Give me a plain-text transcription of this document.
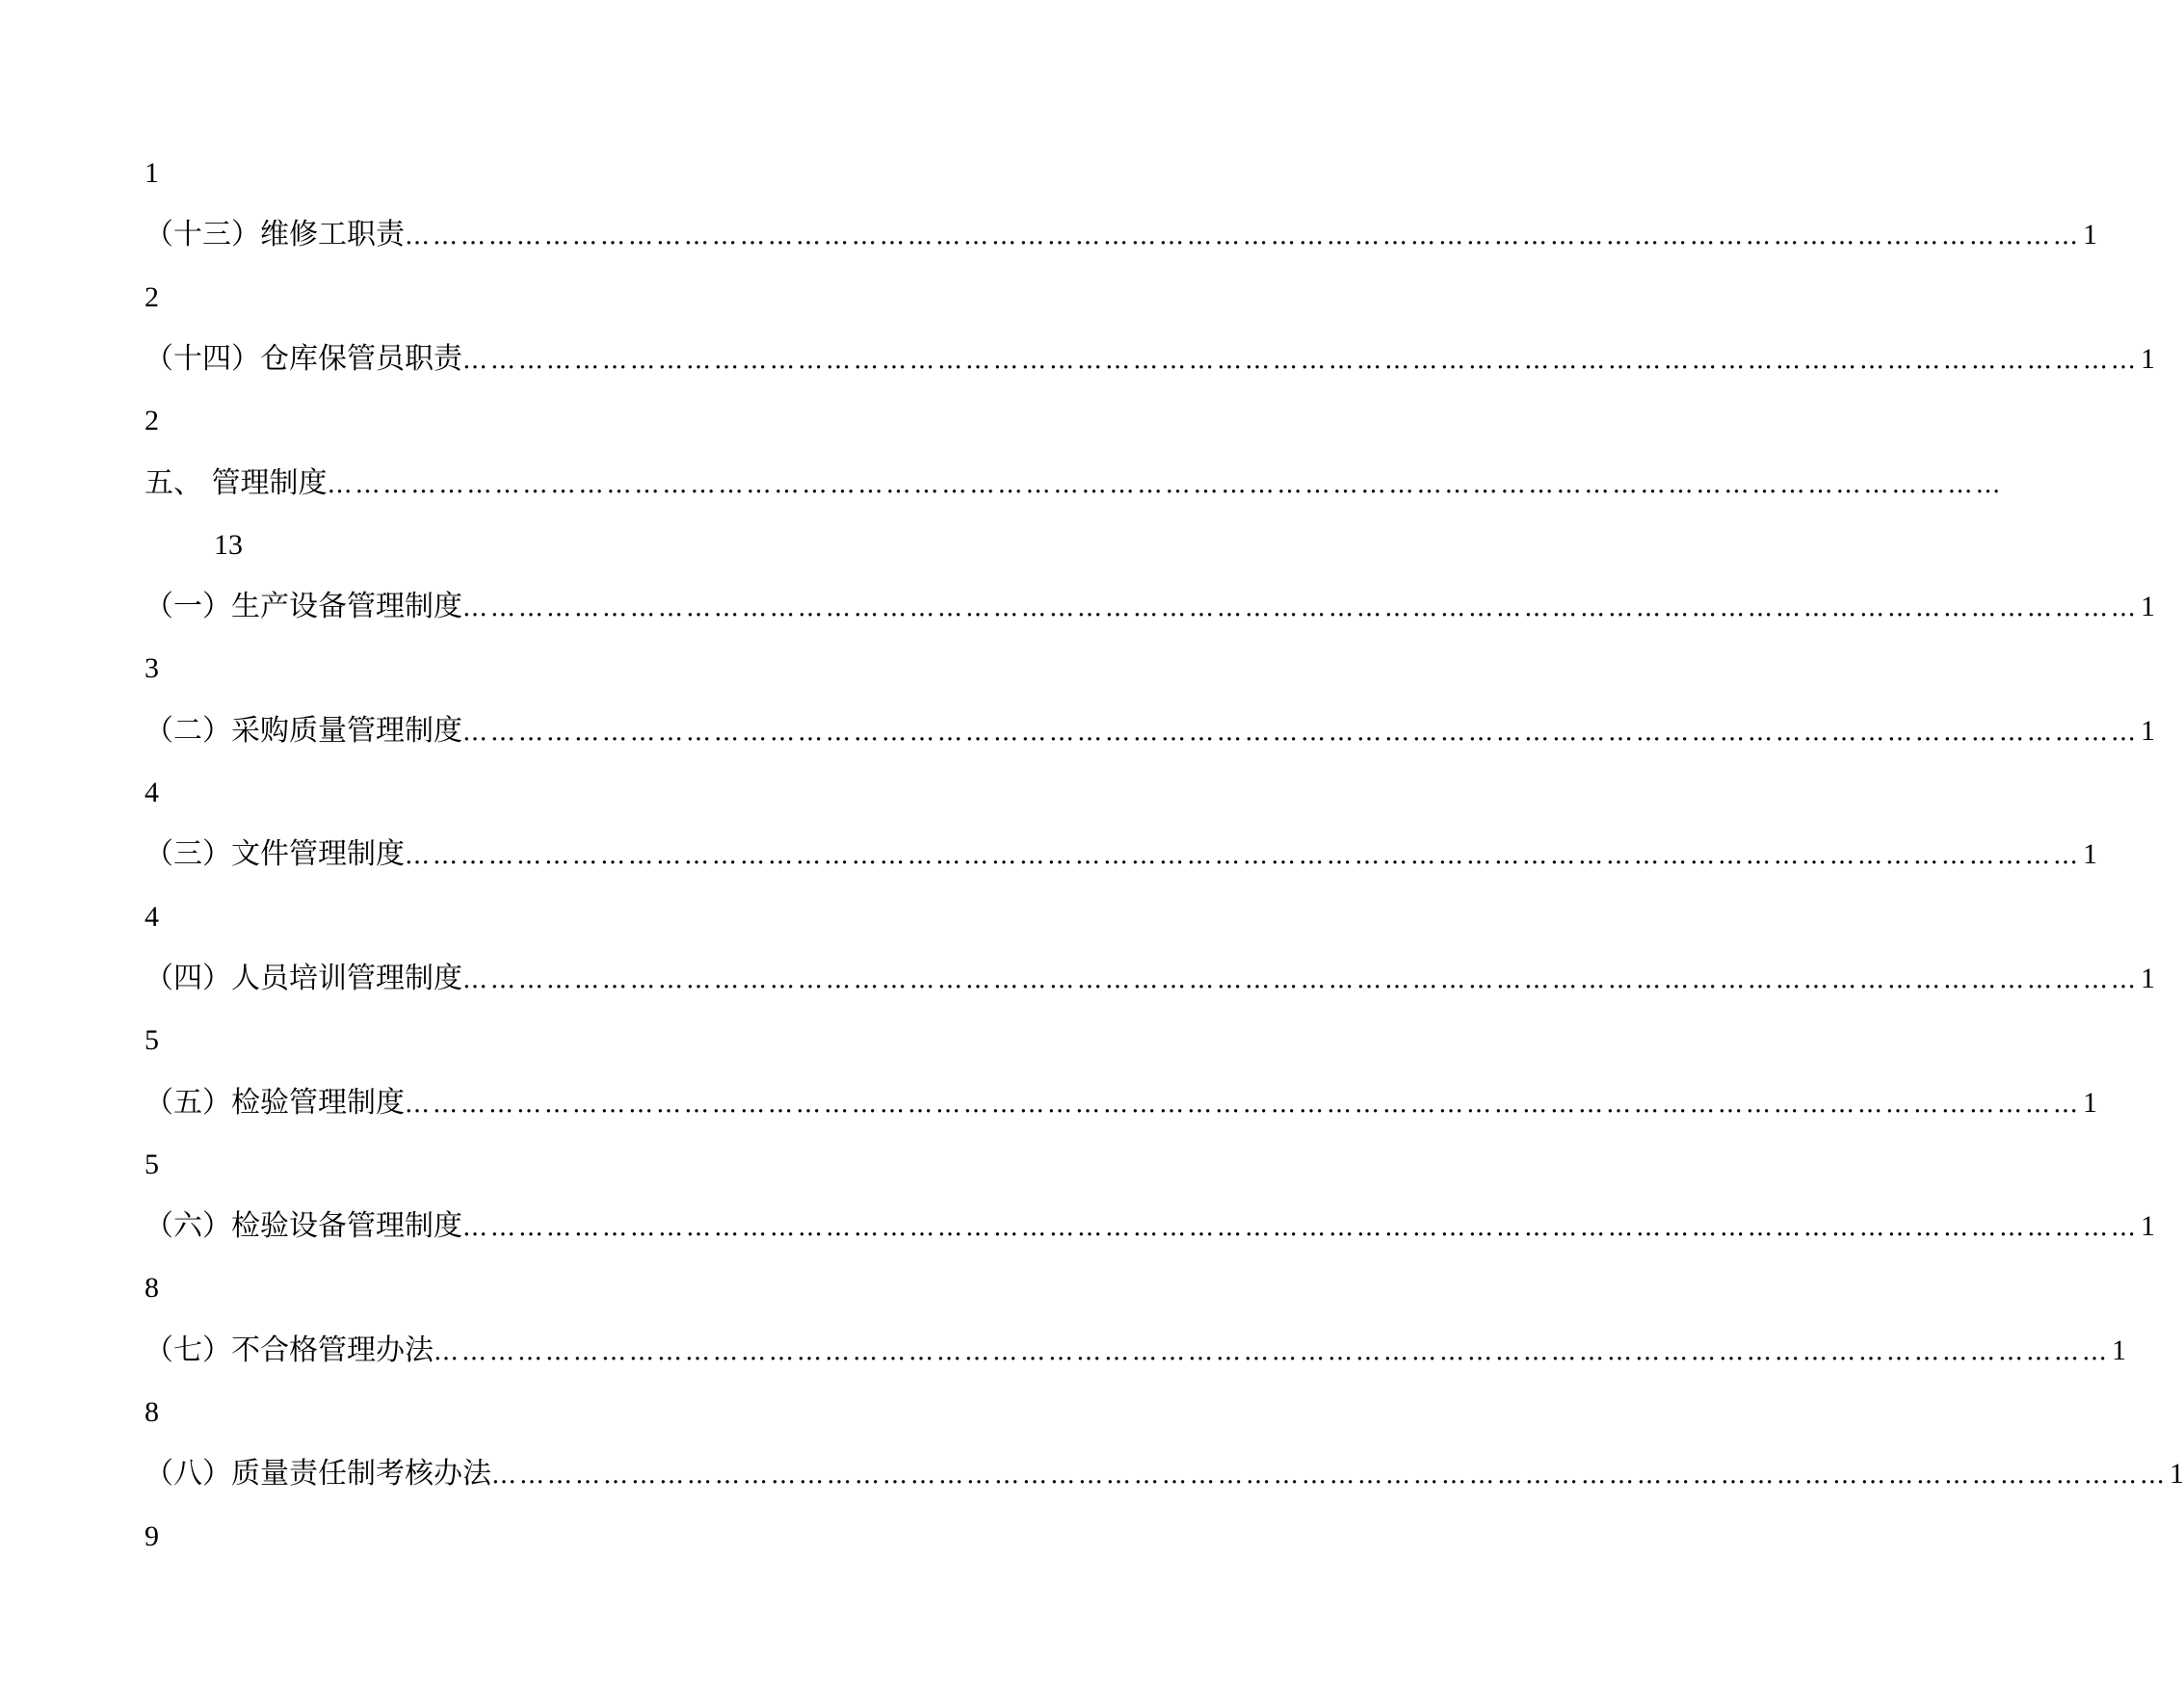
1
（十三）维修工职责 ……………………………………………………………………………………………………………………………………………………………… 1
2
（十四）仓库保管员职责 ……………………………………………………………………………………………………………………………………………………………… 1
2
五、 管理制度 ………………………………………………………………………………………………………………………………………………………………
13
（一）生产设备管理制度 ……………………………………………………………………………………………………………………………………………………………… 1
3
（二）采购质量管理制度 ……………………………………………………………………………………………………………………………………………………………… 1
4
（三）文件管理制度 ……………………………………………………………………………………………………………………………………………………………… 1
4
（四）人员培训管理制度 ……………………………………………………………………………………………………………………………………………………………… 1
5
（五）检验管理制度 ……………………………………………………………………………………………………………………………………………………………… 1
5
（六）检验设备管理制度 ……………………………………………………………………………………………………………………………………………………………… 1
8
（七）不合格管理办法 ……………………………………………………………………………………………………………………………………………………………… 1
8
（八）质量责任制考核办法 ……………………………………………………………………………………………………………………………………………………………… 1
9
